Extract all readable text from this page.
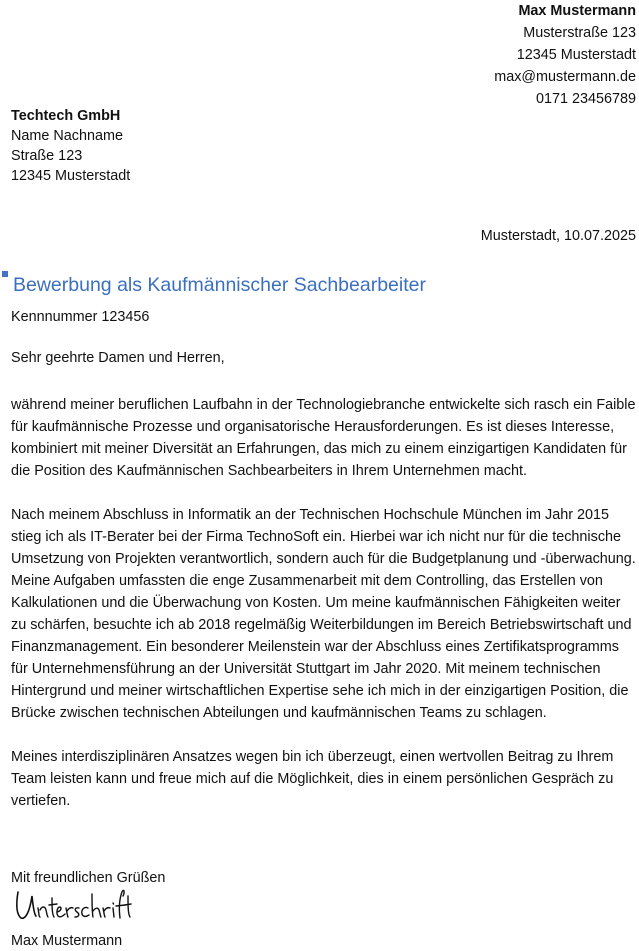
Max Mustermann
Musterstraße 123
12345 Musterstadt
max@mustermann.de
0171 23456789
Techtech GmbH
Name Nachname
Straße 123
12345 Musterstadt
Musterstadt, 10.07.2025
Bewerbung als Kaufmännischer Sachbearbeiter
Kennnummer 123456
Sehr geehrte Damen und Herren,

während meiner beruflichen Laufbahn in der Technologiebranche entwickelte sich rasch ein Faible für kaufmännische Prozesse und organisatorische Herausforderungen. Es ist dieses Interesse, kombiniert mit meiner Diversität an Erfahrungen, das mich zu einem einzigartigen Kandidaten für die Position des Kaufmännischen Sachbearbeiters in Ihrem Unternehmen macht.

Nach meinem Abschluss in Informatik an der Technischen Hochschule München im Jahr 2015 stieg ich als IT-Berater bei der Firma TechnoSoft ein. Hierbei war ich nicht nur für die technische Umsetzung von Projekten verantwortlich, sondern auch für die Budgetplanung und -überwachung. Meine Aufgaben umfassten die enge Zusammenarbeit mit dem Controlling, das Erstellen von Kalkulationen und die Überwachung von Kosten. Um meine kaufmännischen Fähigkeiten weiter zu schärfen, besuchte ich ab 2018 regelmäßig Weiterbildungen im Bereich Betriebswirtschaft und Finanzmanagement. Ein besonderer Meilenstein war der Abschluss eines Zertifikatsprogramms für Unternehmensführung an der Universität Stuttgart im Jahr 2020. Mit meinem technischen Hintergrund und meiner wirtschaftlichen Expertise sehe ich mich in der einzigartigen Position, die Brücke zwischen technischen Abteilungen und kaufmännischen Teams zu schlagen.

Meines interdisziplinären Ansatzes wegen bin ich überzeugt, einen wertvollen Beitrag zu Ihrem Team leisten kann und freue mich auf die Möglichkeit, dies in einem persönlichen Gespräch zu vertiefen.

Mit freundlichen Grüßen
Max Mustermann
